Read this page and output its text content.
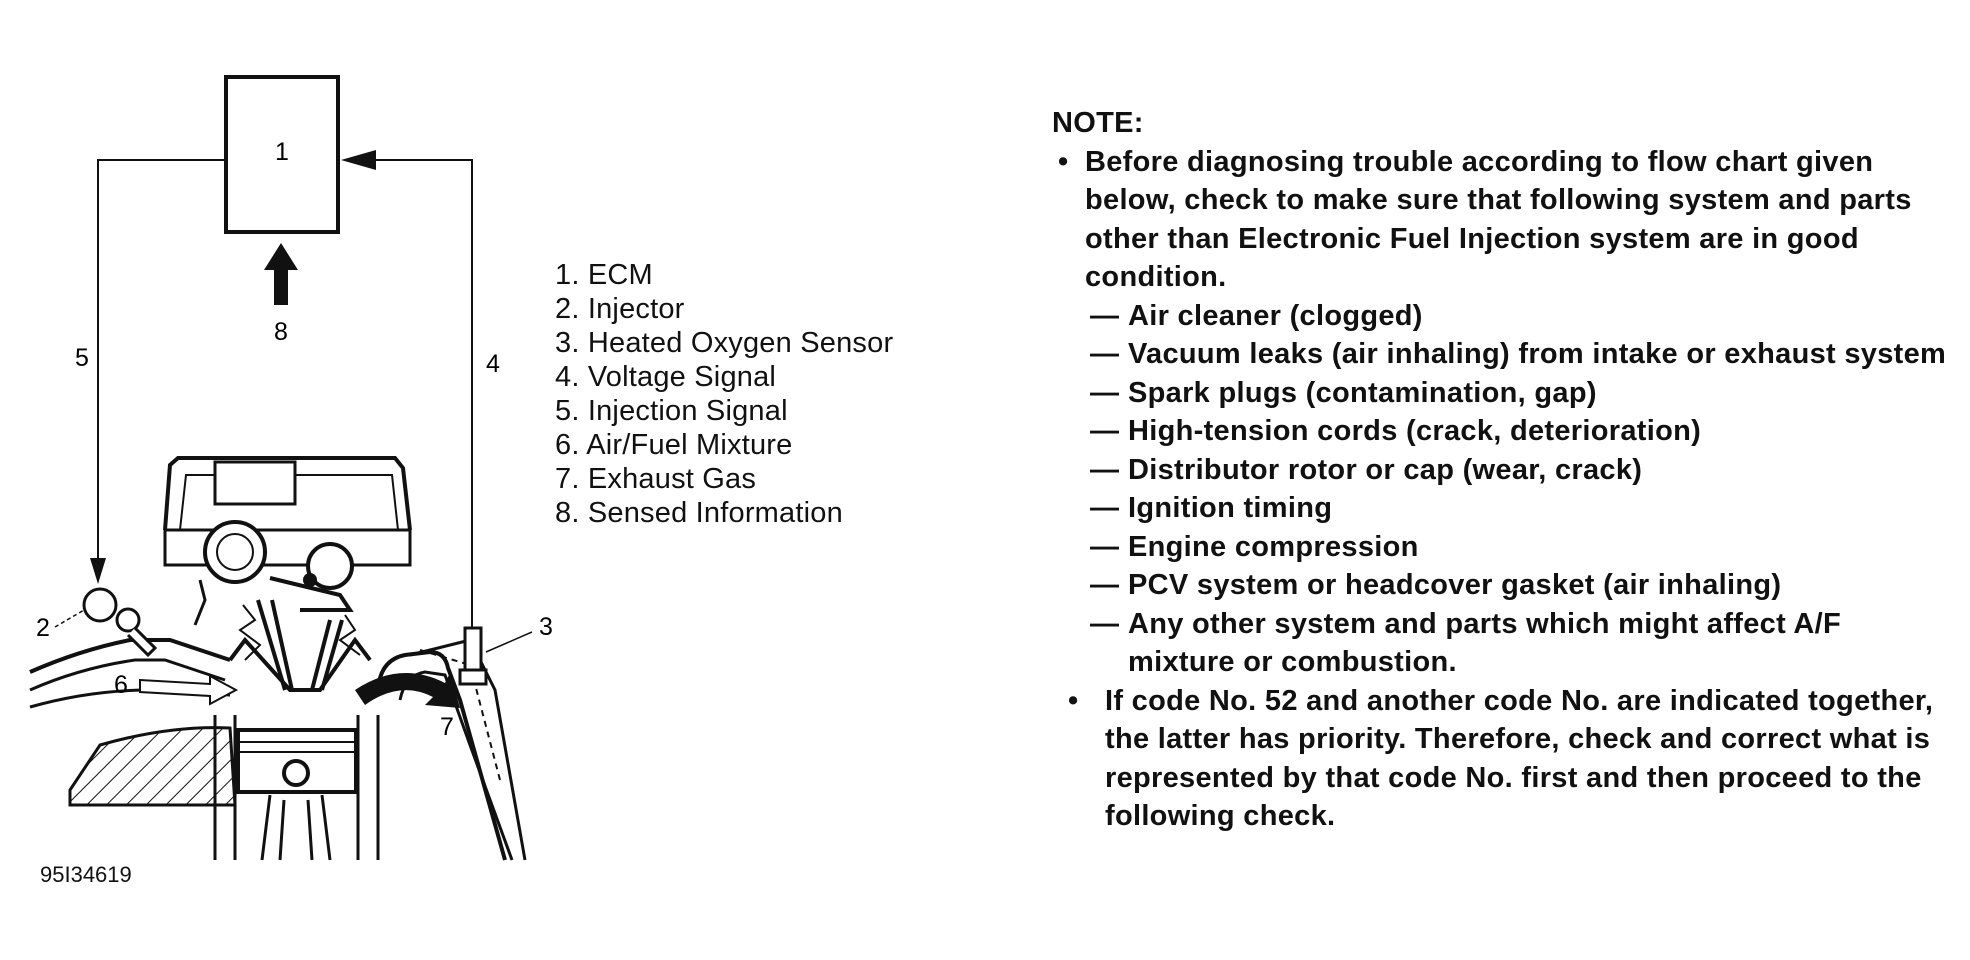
1
8
5	4
2	3
6
7
1. ECM
2. Injector
3. Heated Oxygen Sensor
4. Voltage Signal
5. Injection Signal
6. Air/Fuel Mixture
7. Exhaust Gas
8. Sensed Information
95I34619
NOTE:
• Before diagnosing trouble according to flow chart given below, check to make sure that following system and parts other than Electronic Fuel Injection system are in good condition.
— Air cleaner (clogged)
— Vacuum leaks (air inhaling) from intake or exhaust system
— Spark plugs (contamination, gap)
— High-tension cords (crack, deterioration)
— Distributor rotor or cap (wear, crack)
— Ignition timing
— Engine compression
— PCV system or headcover gasket (air inhaling)
— Any other system and parts which might affect A/F mixture or combustion.
• If code No. 52 and another code No. are indicated together, the latter has priority. Therefore, check and correct what is represented by that code No. first and then proceed to the following check.
